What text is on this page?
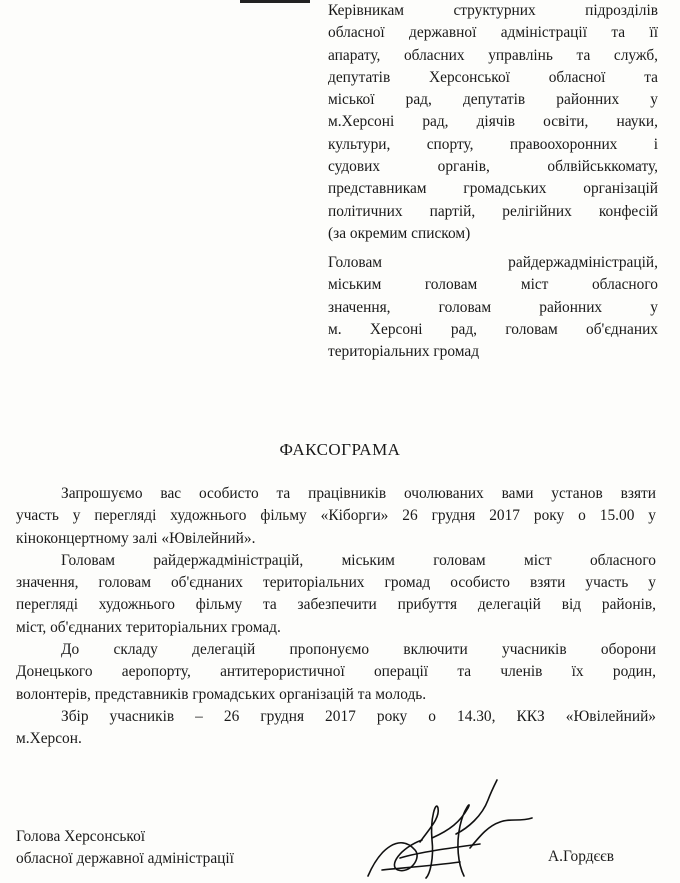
Керівникам структурних підрозділів
обласної державної адміністрації та її
апарату, обласних управлінь та служб,
депутатів Херсонської обласної та
міської рад, депутатів районних у
м.Херсоні рад, діячів освіти, науки,
культури, спорту, правоохоронних і
судових органів, облвійськкомату,
представникам громадських організацій
політичних партій, релігійних конфесій
(за окремим списком)
Головам райдержадміністрацій,
міським головам міст обласного
значення, головам районних у
м. Херсоні рад, головам об'єднаних
територіальних громад
ФАКСОГРАМА
Запрошуємо вас особисто та працівників очолюваних вами установ взяти
участь у перегляді художнього фільму «Кіборги» 26 грудня 2017 року о 15.00 у
кіноконцертному залі «Ювілейний».
Головам райдержадміністрацій, міським головам міст обласного
значення, головам об'єднаних територіальних громад особисто взяти участь у
перегляді художнього фільму та забезпечити прибуття делегацій від районів,
міст, об'єднаних територіальних громад.
До складу делегацій пропонуємо включити учасників оборони
Донецького аеропорту, антитерористичної операції та членів їх родин,
волонтерів, представників громадських організацій та молодь.
Збір учасників – 26 грудня 2017 року о 14.30, ККЗ «Ювілейний»
м.Херсон.
Голова Херсонської
обласної державної адміністрації	А.Гордєєв
